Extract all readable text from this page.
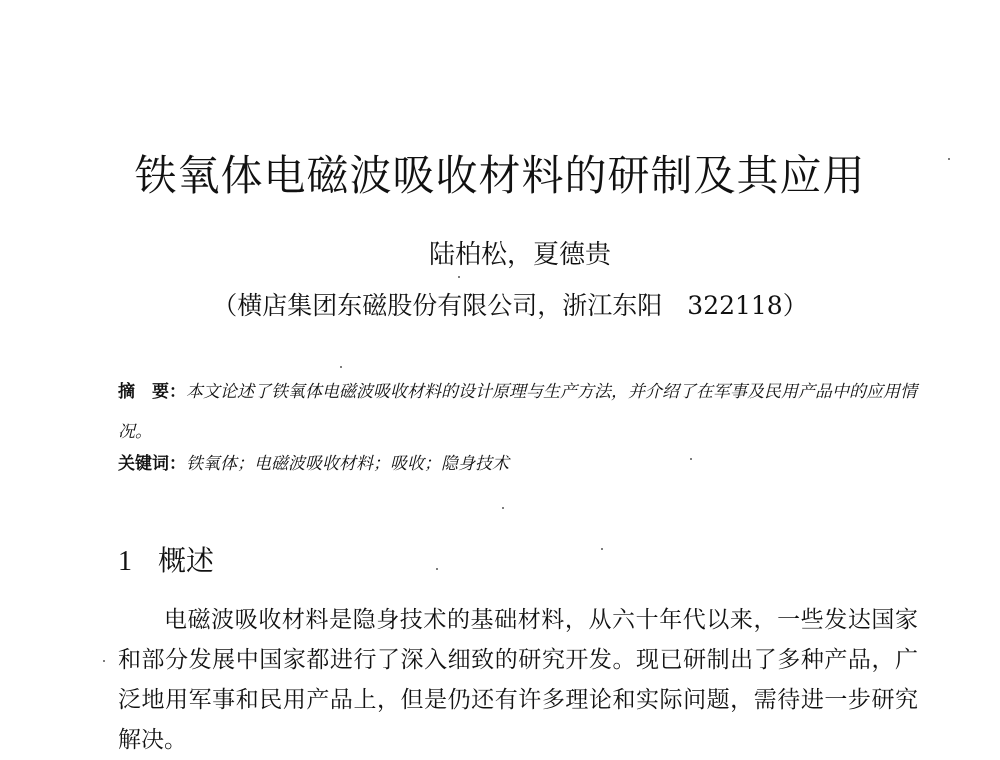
铁氧体电磁波吸收材料的研制及其应用
陆柏松，夏德贵
（横店集团东磁股份有限公司，浙江东阳　322118）
摘　要：本文论述了铁氧体电磁波吸收材料的设计原理与生产方法，并介绍了在军事及民用产品中的应用情况。
关键词：铁氧体；电磁波吸收材料；吸收；隐身技术
1 概述

电磁波吸收材料是隐身技术的基础材料，从六十年代以来，一些发达国家和部分发展中国家都进行了深入细致的研究开发。现已研制出了多种产品，广泛地用军事和民用产品上，但是仍还有许多理论和实际问题，需待进一步研究解决。
